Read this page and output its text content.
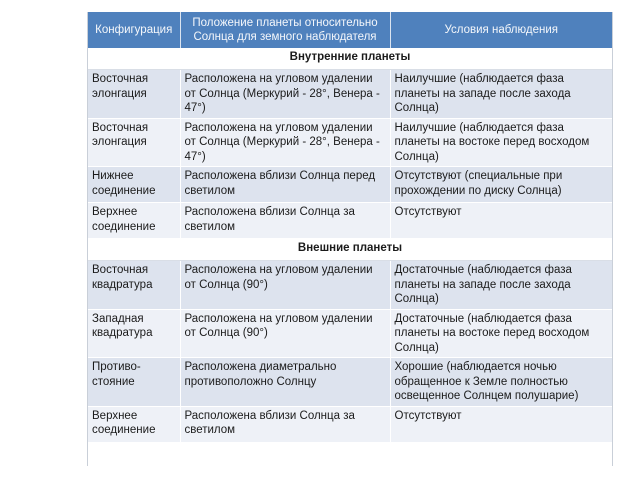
Конфигурация	Положение планеты относительно Солнца для земного наблюдателя	Условия наблюдения
Внутренние планеты		
Восточная элонгация	Расположена на угловом удалении от Солнца (Меркурий - 28°, Венера - 47°)	Наилучшие (наблюдается фаза планеты на западе после захода Солнца)
Восточная элонгация	Расположена на угловом удалении от Солнца (Меркурий - 28°, Венера - 47°)	Наилучшие (наблюдается фаза планеты на востоке перед восходом Солнца)
Нижнее соединение	Расположена вблизи Солнца перед светилом	Отсутствуют (специальные при прохождении по диску Солнца)
Верхнее соединение	Расположена вблизи Солнца за светилом	Отсутствуют
Внешние планеты		
Восточная квадратура	Расположена на угловом удалении от Солнца (90°)	Достаточные (наблюдается фаза планеты на западе после захода Солнца)
Западная квадратура	Расположена на угловом удалении от Солнца (90°)	Достаточные (наблюдается фаза планеты на востоке перед восходом Солнца)
Противо-стояние	Расположена диаметрально противоположно Солнцу	Хорошие (наблюдается ночью обращенное к Земле полностью освещенное Солнцем полушарие)
Верхнее соединение	Расположена вблизи Солнца за светилом	Отсутствуют
